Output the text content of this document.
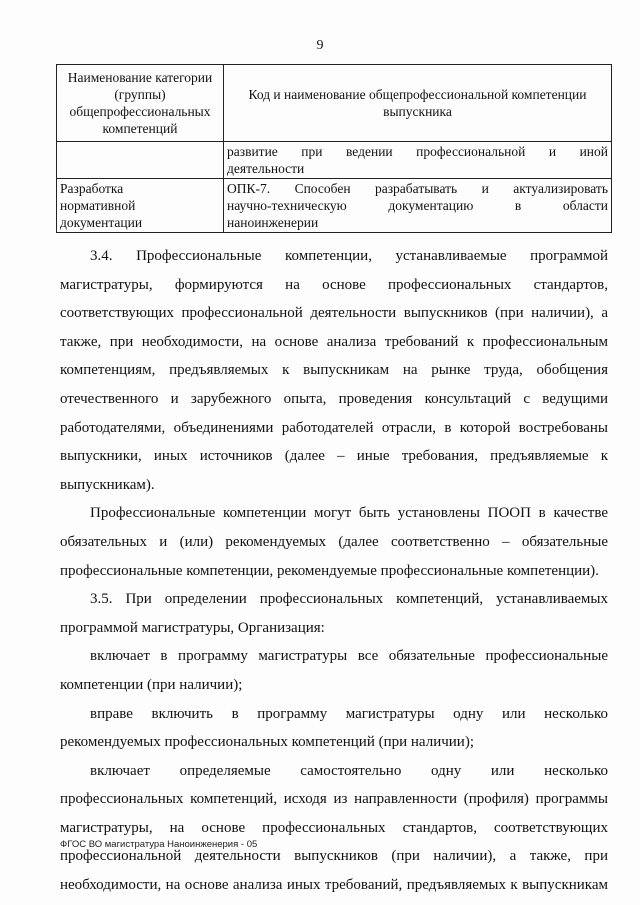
9
Наименование категории (группы) общепрофессиональных компетенций	Код и наименование общепрофессиональной компетенции выпускника

	развитие при ведении профессиональной и иной
деятельности

Разработка
нормативной
документации	ОПК-7. Способен разрабатывать и актуализировать
научно-техническую документацию в области
наноинженерии

3.4. Профессиональные компетенции, устанавливаемые программой
магистратуры, формируются на основе профессиональных стандартов,
соответствующих профессиональной деятельности выпускников (при наличии), а
также, при необходимости, на основе анализа требований к профессиональным
компетенциям, предъявляемых к выпускникам на рынке труда, обобщения
отечественного и зарубежного опыта, проведения консультаций с ведущими
работодателями, объединениями работодателей отрасли, в которой востребованы
выпускники, иных источников (далее – иные требования, предъявляемые к
выпускникам).

Профессиональные компетенции могут быть установлены ПООП в качестве
обязательных и (или) рекомендуемых (далее соответственно – обязательные
профессиональные компетенции, рекомендуемые профессиональные компетенции).

3.5. При определении профессиональных компетенций, устанавливаемых
программой магистратуры, Организация:

включает в программу магистратуры все обязательные профессиональные
компетенции (при наличии);

вправе включить в программу магистратуры одну или несколько
рекомендуемых профессиональных компетенций (при наличии);

включает определяемые самостоятельно одну или несколько
профессиональных компетенций, исходя из направленности (профиля) программы
магистратуры, на основе профессиональных стандартов, соответствующих
профессиональной деятельности выпускников (при наличии), а также, при
необходимости, на основе анализа иных требований, предъявляемых к выпускникам

ФГОС ВО магистратура Наноинженерия - 05
